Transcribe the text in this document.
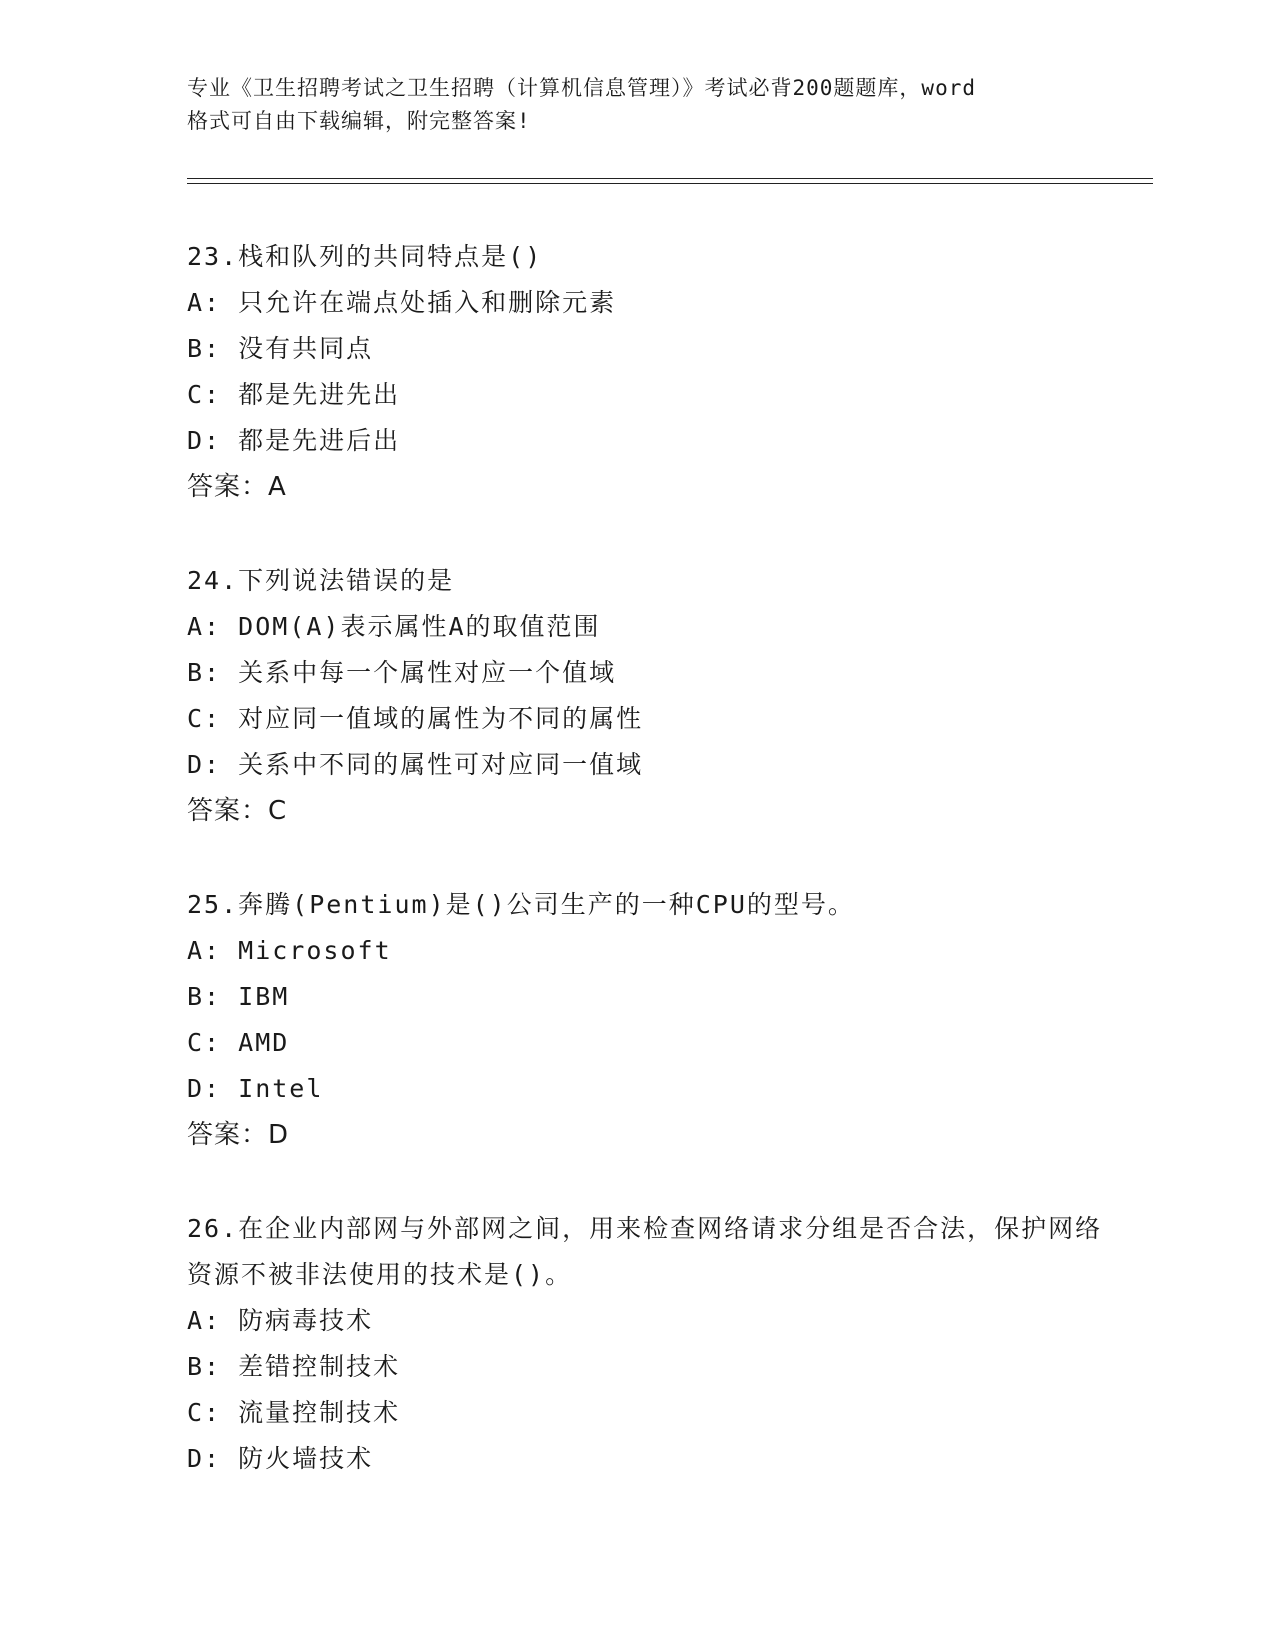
专业《卫生招聘考试之卫生招聘（计算机信息管理）》考试必背200题题库，word
格式可自由下载编辑，附完整答案!
23.栈和队列的共同特点是()
A: 只允许在端点处插入和删除元素
B: 没有共同点
C: 都是先进先出
D: 都是先进后出
答案：A
24.下列说法错误的是
A: DOM(A)表示属性A的取值范围
B: 关系中每一个属性对应一个值域
C: 对应同一值域的属性为不同的属性
D: 关系中不同的属性可对应同一值域
答案：C
25.奔腾(Pentium)是()公司生产的一种CPU的型号。
A: Microsoft
B: IBM
C: AMD
D: Intel
答案：D
26.在企业内部网与外部网之间，用来检查网络请求分组是否合法，保护网络资源不被非法使用的技术是()。
A: 防病毒技术
B: 差错控制技术
C: 流量控制技术
D: 防火墙技术
